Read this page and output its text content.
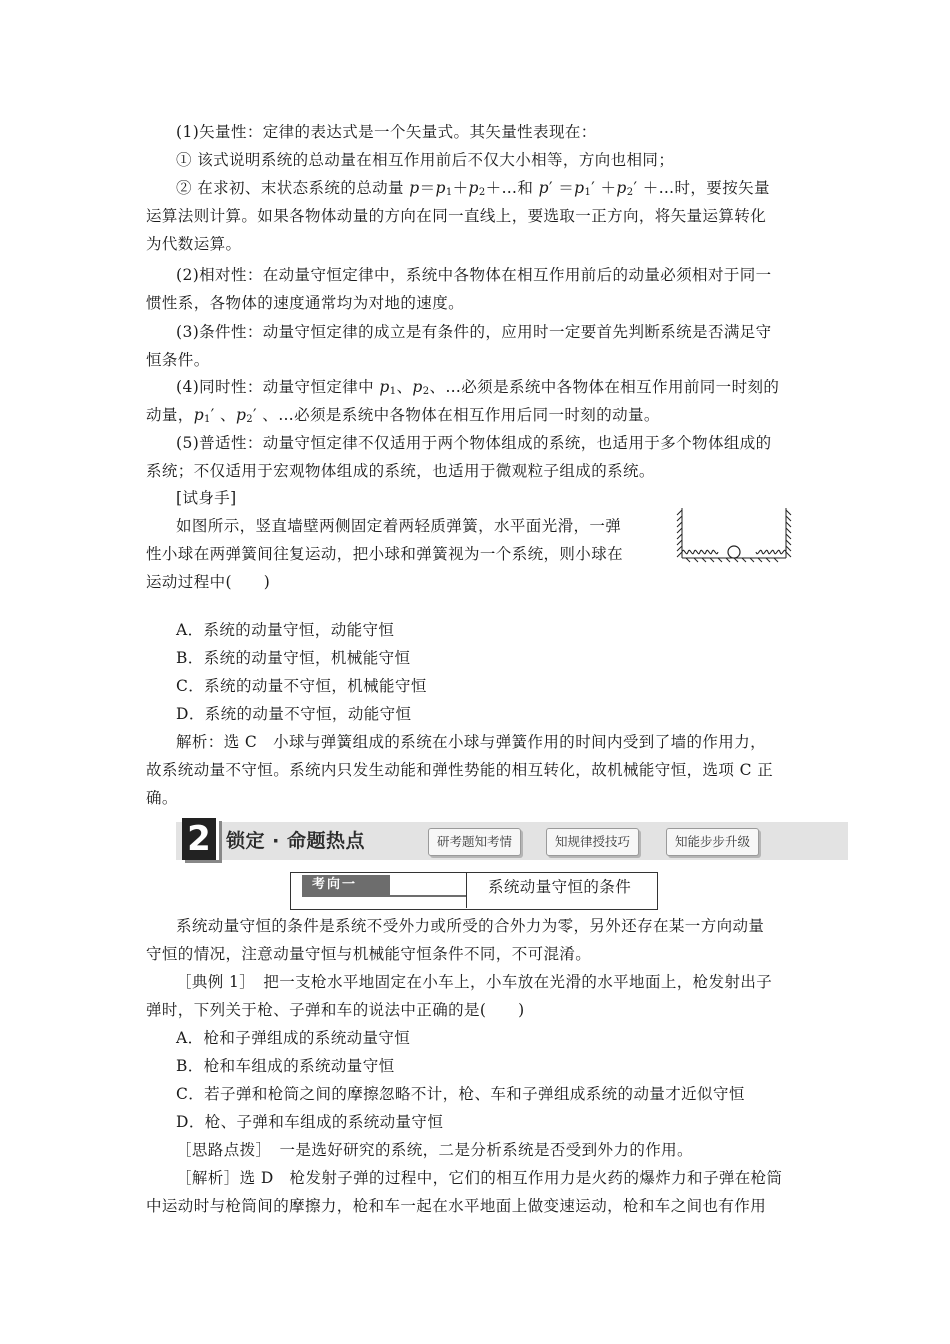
(1)矢量性：定律的表达式是一个矢量式。其矢量性表现在：
① 该式说明系统的总动量在相互作用前后不仅大小相等，方向也相同；
② 在求初、末状态系统的总动量 $p=p_1+p_2+\dots$和 $p' =p_1' +p_2'$ ＋…时，要按矢量
运算法则计算。如果各物体动量的方向在同一直线上，要选取一正方向，将矢量运算转化
为代数运算。
(2)相对性：在动量守恒定律中，系统中各物体在相互作用前后的动量必须相对于同一
惯性系，各物体的速度通常均为对地的速度。
(3)条件性：动量守恒定律的成立是有条件的，应用时一定要首先判断系统是否满足守
恒条件。
(4)同时性：动量守恒定律中 $p_1$、$p_2$、…必须是系统中各物体在相互作用前同一时刻的
动量，$p_1'$ 、$p_2'$ 、…必须是系统中各物体在相互作用后同一时刻的动量。
(5)普适性：动量守恒定律不仅适用于两个物体组成的系统，也适用于多个物体组成的
系统；不仅适用于宏观物体组成的系统，也适用于微观粒子组成的系统。
[试身手]
如图所示，竖直墙壁两侧固定着两轻质弹簧，水平面光滑，一弹
性小球在两弹簧间往复运动，把小球和弹簧视为一个系统，则小球在
运动过程中(　　)
A．系统的动量守恒，动能守恒
B．系统的动量守恒，机械能守恒
C．系统的动量不守恒，机械能守恒
D．系统的动量不守恒，动能守恒
解析：选 C　小球与弹簧组成的系统在小球与弹簧作用的时间内受到了墙的作用力，
故系统动量不守恒。系统内只发生动能和弹性势能的相互转化，故机械能守恒，选项 C 正
确。
2 锁定 · 命题热点	研考题知考情	知规律授技巧	知能步步升级
考向一	系统动量守恒的条件
系统动量守恒的条件是系统不受外力或所受的合外力为零，另外还存在某一方向动量
守恒的情况，注意动量守恒与机械能守恒条件不同，不可混淆。
［典例 1］　把一支枪水平地固定在小车上，小车放在光滑的水平地面上，枪发射出子
弹时，下列关于枪、子弹和车的说法中正确的是(　　)
A．枪和子弹组成的系统动量守恒
B．枪和车组成的系统动量守恒
C．若子弹和枪筒之间的摩擦忽略不计，枪、车和子弹组成系统的动量才近似守恒
D．枪、子弹和车组成的系统动量守恒
［思路点拨］　一是选好研究的系统，二是分析系统是否受到外力的作用。
［解析］选 D　枪发射子弹的过程中，它们的相互作用力是火药的爆炸力和子弹在枪筒
中运动时与枪筒间的摩擦力，枪和车一起在水平地面上做变速运动，枪和车之间也有作用
